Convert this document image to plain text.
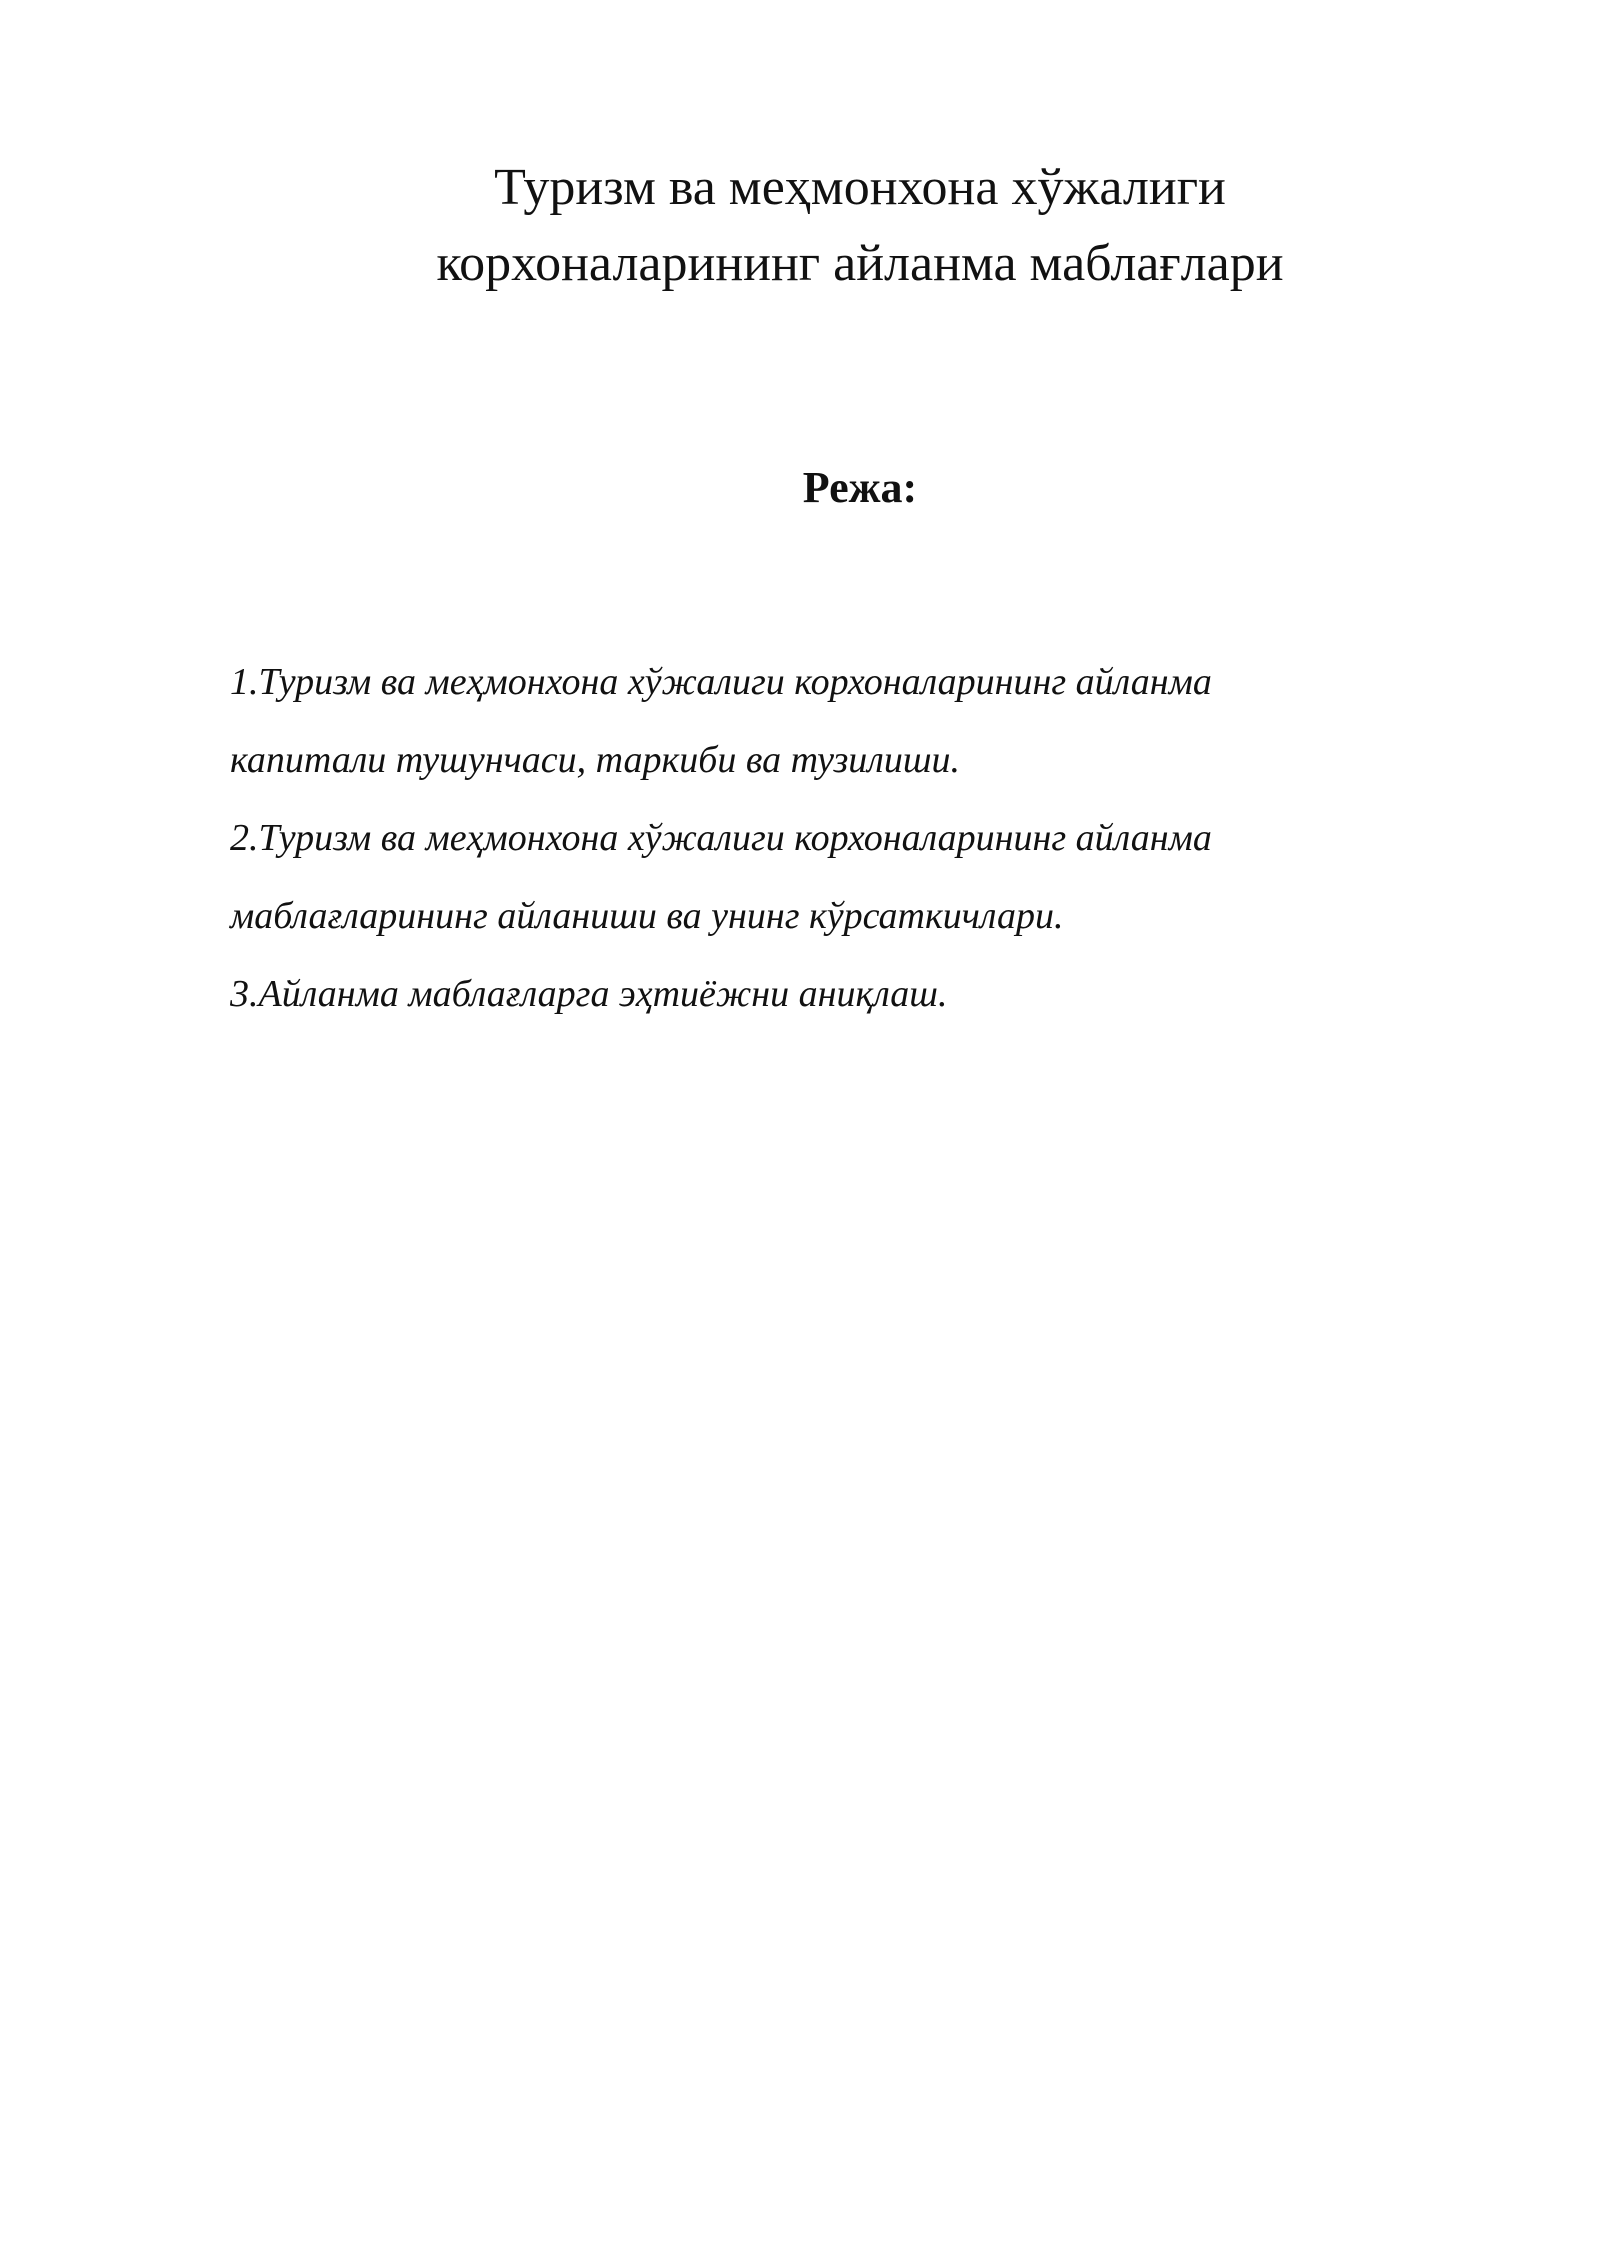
Туризм ва меҳмонхона хўжалиги
корхоналарининг айланма маблағлари
Режа:
1.Туризм ва меҳмонхона хўжалиги корхоналарининг айланма
капитали тушунчаси, таркиби ва тузилиши.
2.Туризм ва меҳмонхона хўжалиги корхоналарининг айланма
маблағларининг айланиши ва унинг кўрсаткичлари.
3.Айланма маблағларга эҳтиёжни аниқлаш.
